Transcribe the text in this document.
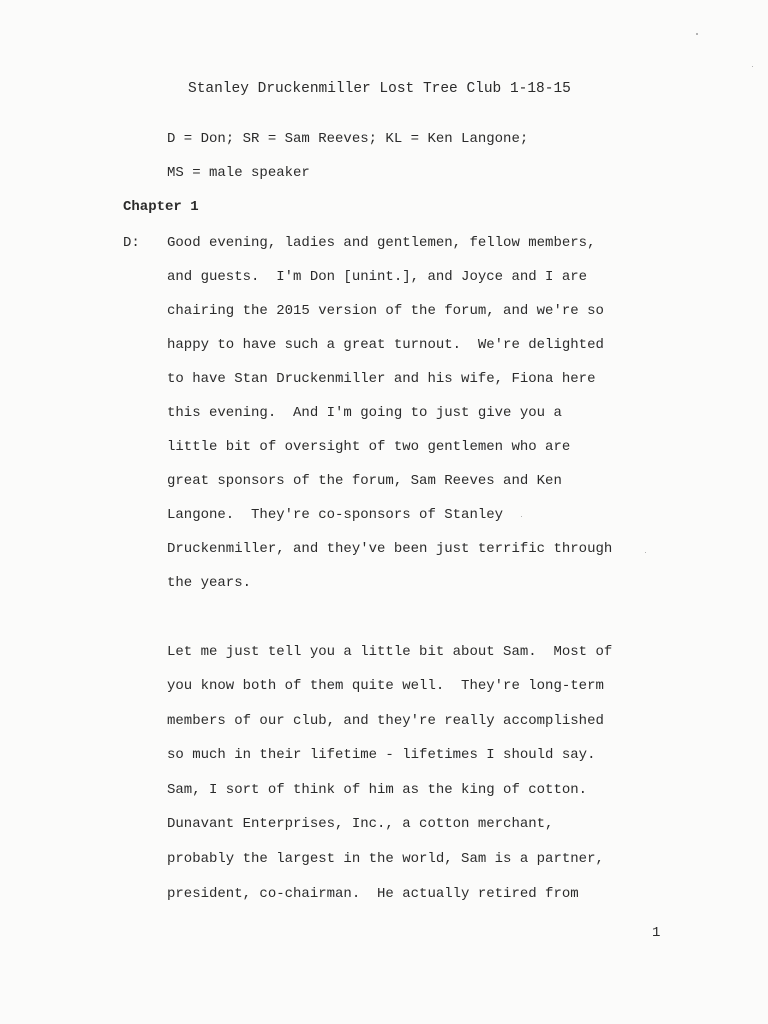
Stanley Druckenmiller Lost Tree Club 1-18-15
D = Don; SR = Sam Reeves; KL = Ken Langone;
MS = male speaker
Chapter 1
D: Good evening, ladies and gentlemen, fellow members,
and guests.  I'm Don [unint.], and Joyce and I are
chairing the 2015 version of the forum, and we're so
happy to have such a great turnout.  We're delighted
to have Stan Druckenmiller and his wife, Fiona here
this evening.  And I'm going to just give you a
little bit of oversight of two gentlemen who are
great sponsors of the forum, Sam Reeves and Ken
Langone.  They're co-sponsors of Stanley
Druckenmiller, and they've been just terrific through
the years.
Let me just tell you a little bit about Sam.  Most of
you know both of them quite well.  They're long-term
members of our club, and they're really accomplished
so much in their lifetime - lifetimes I should say.
Sam, I sort of think of him as the king of cotton.
Dunavant Enterprises, Inc., a cotton merchant,
probably the largest in the world, Sam is a partner,
president, co-chairman.  He actually retired from
1
